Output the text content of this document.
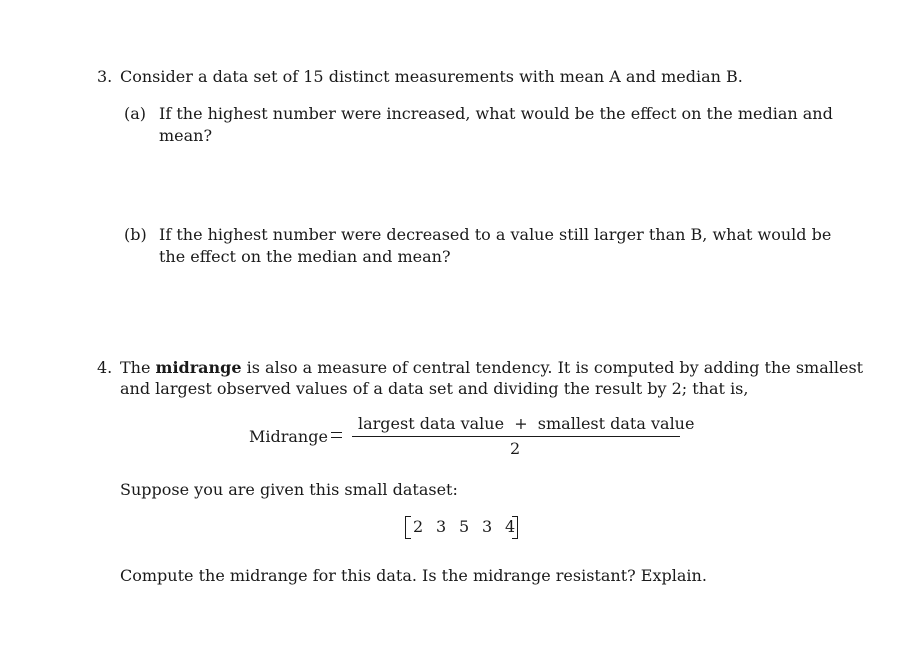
3. Consider a data set of 15 distinct measurements with mean A and median B.
(a) If the highest number were increased, what would be the effect on the median and
mean?
(b) If the highest number were decreased to a value still larger than B, what would be
the effect on the median and mean?
4. The midrange is also a measure of central tendency. It is computed by adding the smallest
and largest observed values of a data set and dividing the result by 2; that is,
Midrange
largest data value  +  smallest data value
2
Suppose you are given this small dataset:
2 3 5 3 4
Compute the midrange for this data. Is the midrange resistant? Explain.
